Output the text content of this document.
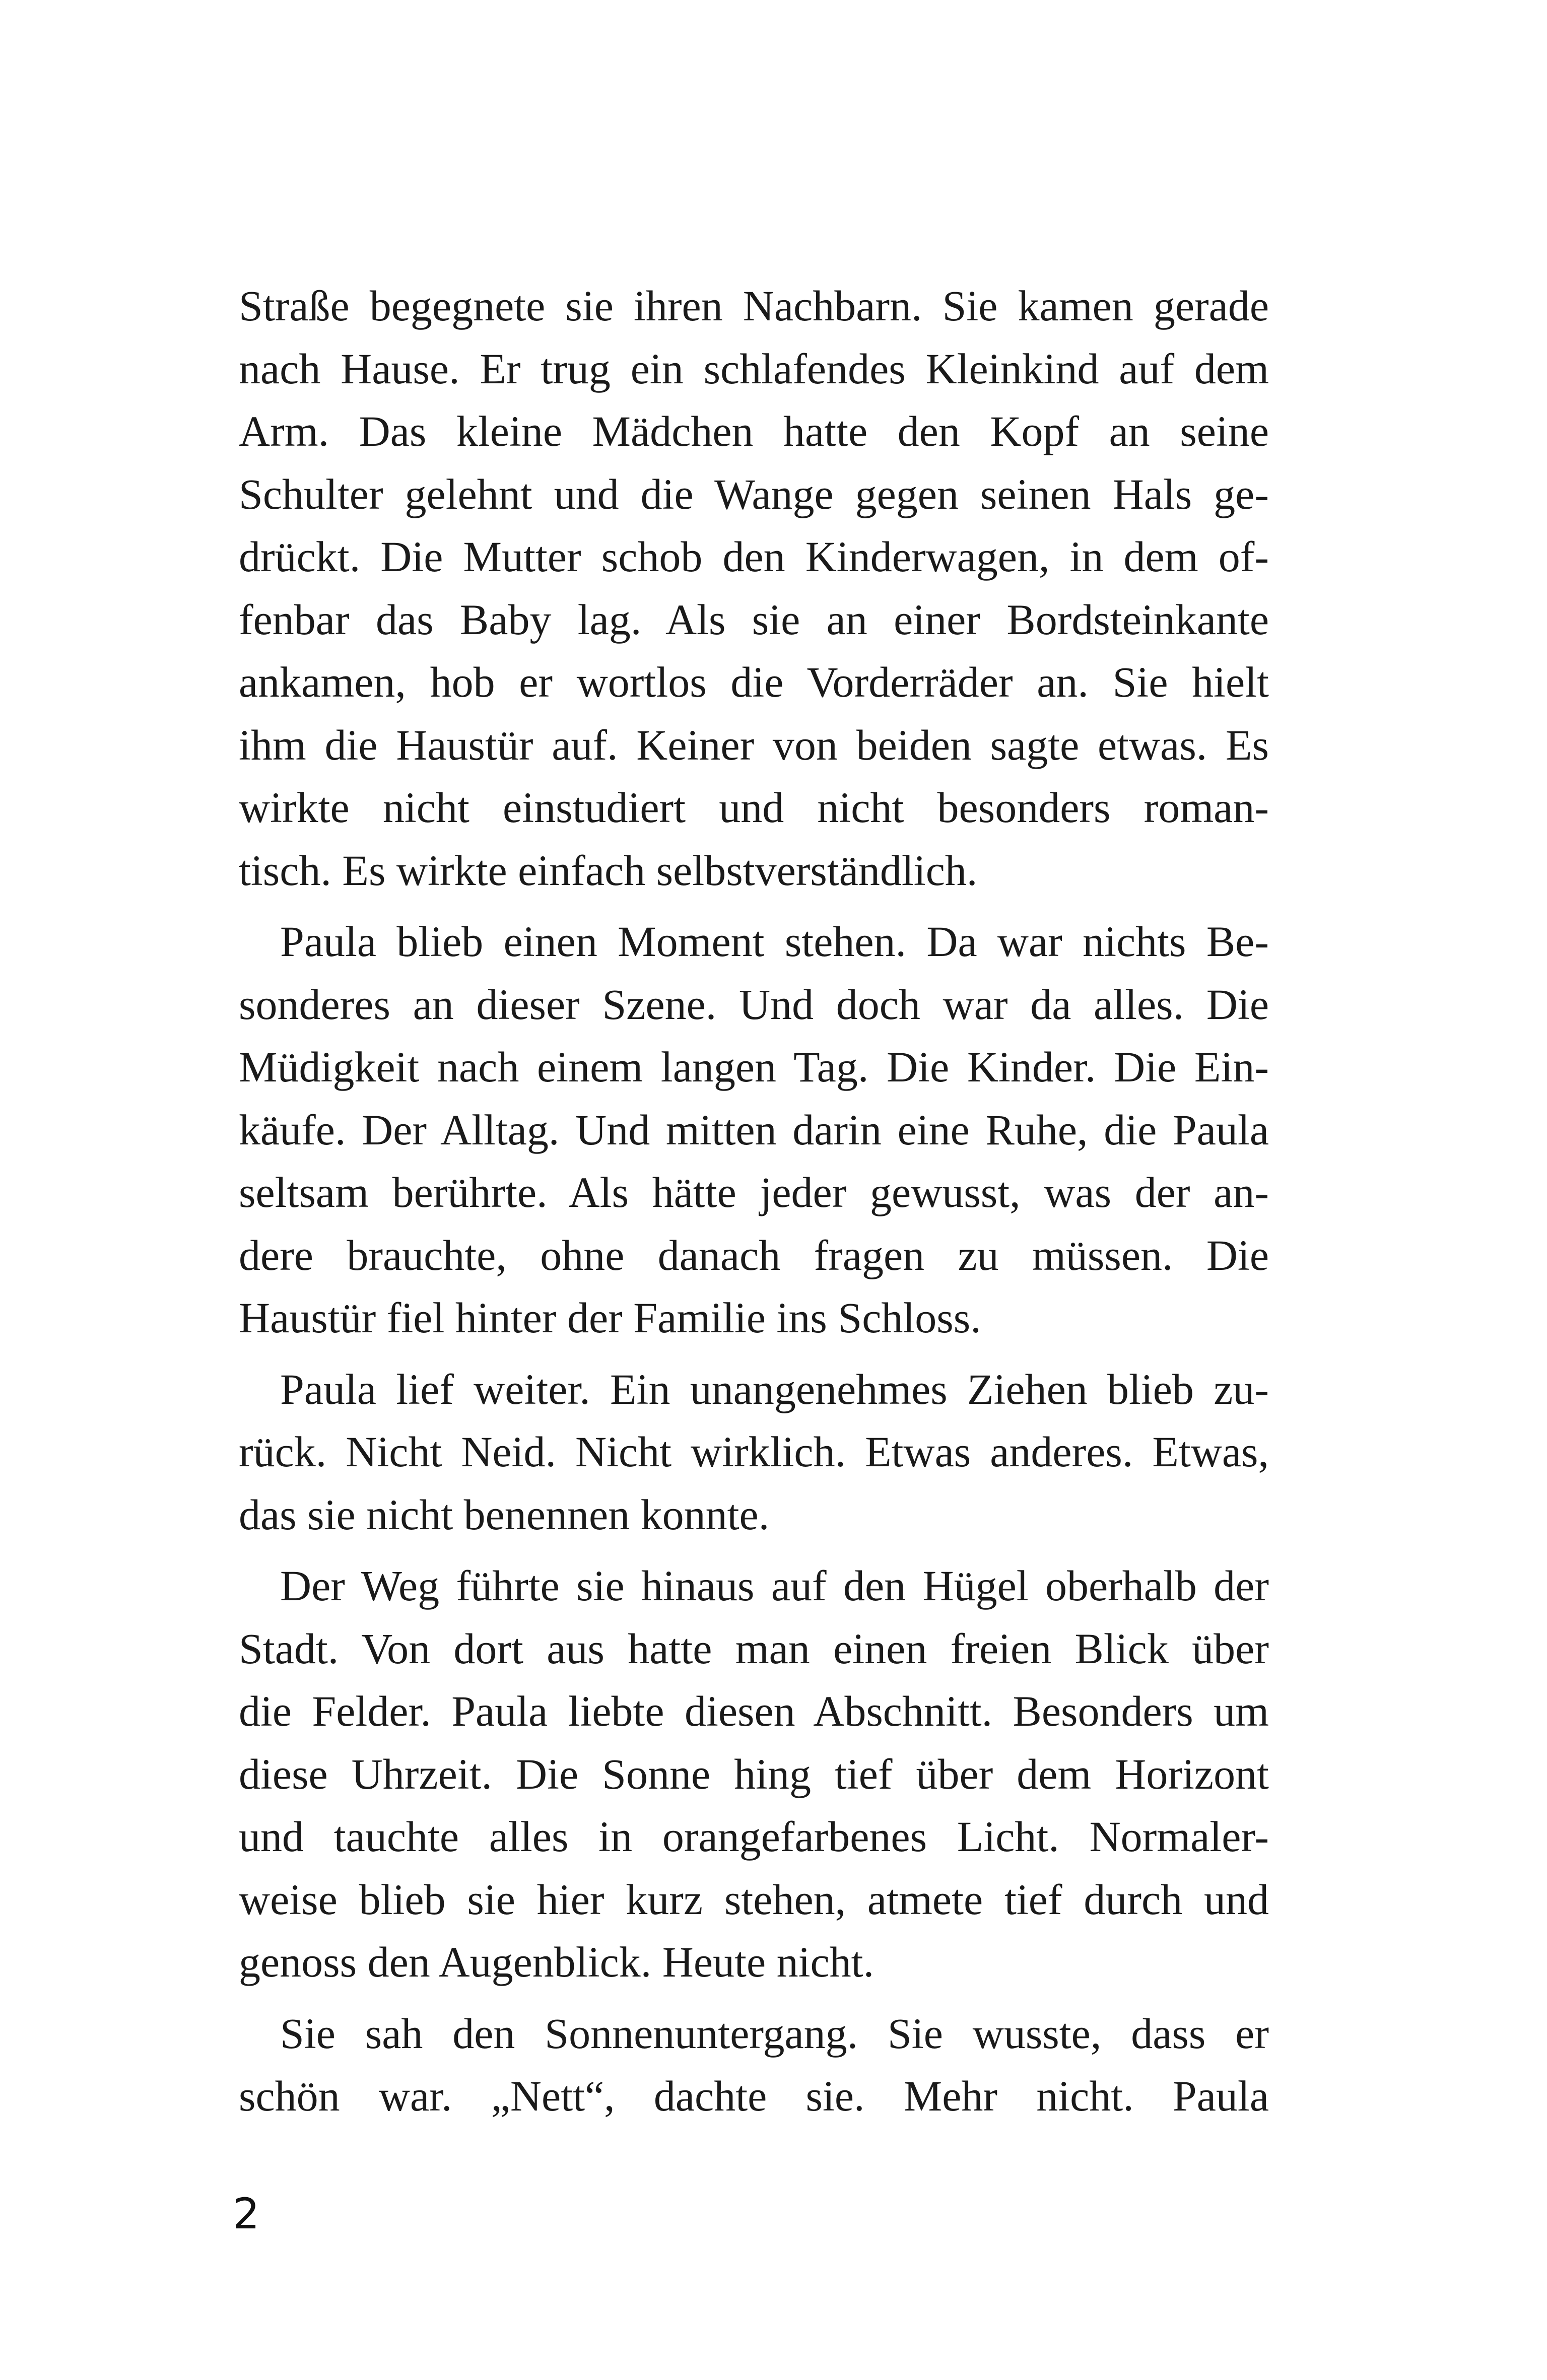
Straße begegnete sie ihren Nachbarn. Sie kamen gerade
nach Hause. Er trug ein schlafendes Kleinkind auf dem
Arm. Das kleine Mädchen hatte den Kopf an seine
Schulter gelehnt und die Wange gegen seinen Hals ge-
drückt. Die Mutter schob den Kinderwagen, in dem of-
fenbar das Baby lag. Als sie an einer Bordsteinkante
ankamen, hob er wortlos die Vorderräder an. Sie hielt
ihm die Haustür auf. Keiner von beiden sagte etwas. Es
wirkte nicht einstudiert und nicht besonders roman-
tisch. Es wirkte einfach selbstverständlich.
Paula blieb einen Moment stehen. Da war nichts Be-
sonderes an dieser Szene. Und doch war da alles. Die
Müdigkeit nach einem langen Tag. Die Kinder. Die Ein-
käufe. Der Alltag. Und mitten darin eine Ruhe, die Paula
seltsam berührte. Als hätte jeder gewusst, was der an-
dere brauchte, ohne danach fragen zu müssen. Die
Haustür fiel hinter der Familie ins Schloss.
Paula lief weiter. Ein unangenehmes Ziehen blieb zu-
rück. Nicht Neid. Nicht wirklich. Etwas anderes. Etwas,
das sie nicht benennen konnte.
Der Weg führte sie hinaus auf den Hügel oberhalb der
Stadt. Von dort aus hatte man einen freien Blick über
die Felder. Paula liebte diesen Abschnitt. Besonders um
diese Uhrzeit. Die Sonne hing tief über dem Horizont
und tauchte alles in orangefarbenes Licht. Normaler-
weise blieb sie hier kurz stehen, atmete tief durch und
genoss den Augenblick. Heute nicht.
Sie sah den Sonnenuntergang. Sie wusste, dass er
schön war. „Nett“, dachte sie. Mehr nicht. Paula
2
